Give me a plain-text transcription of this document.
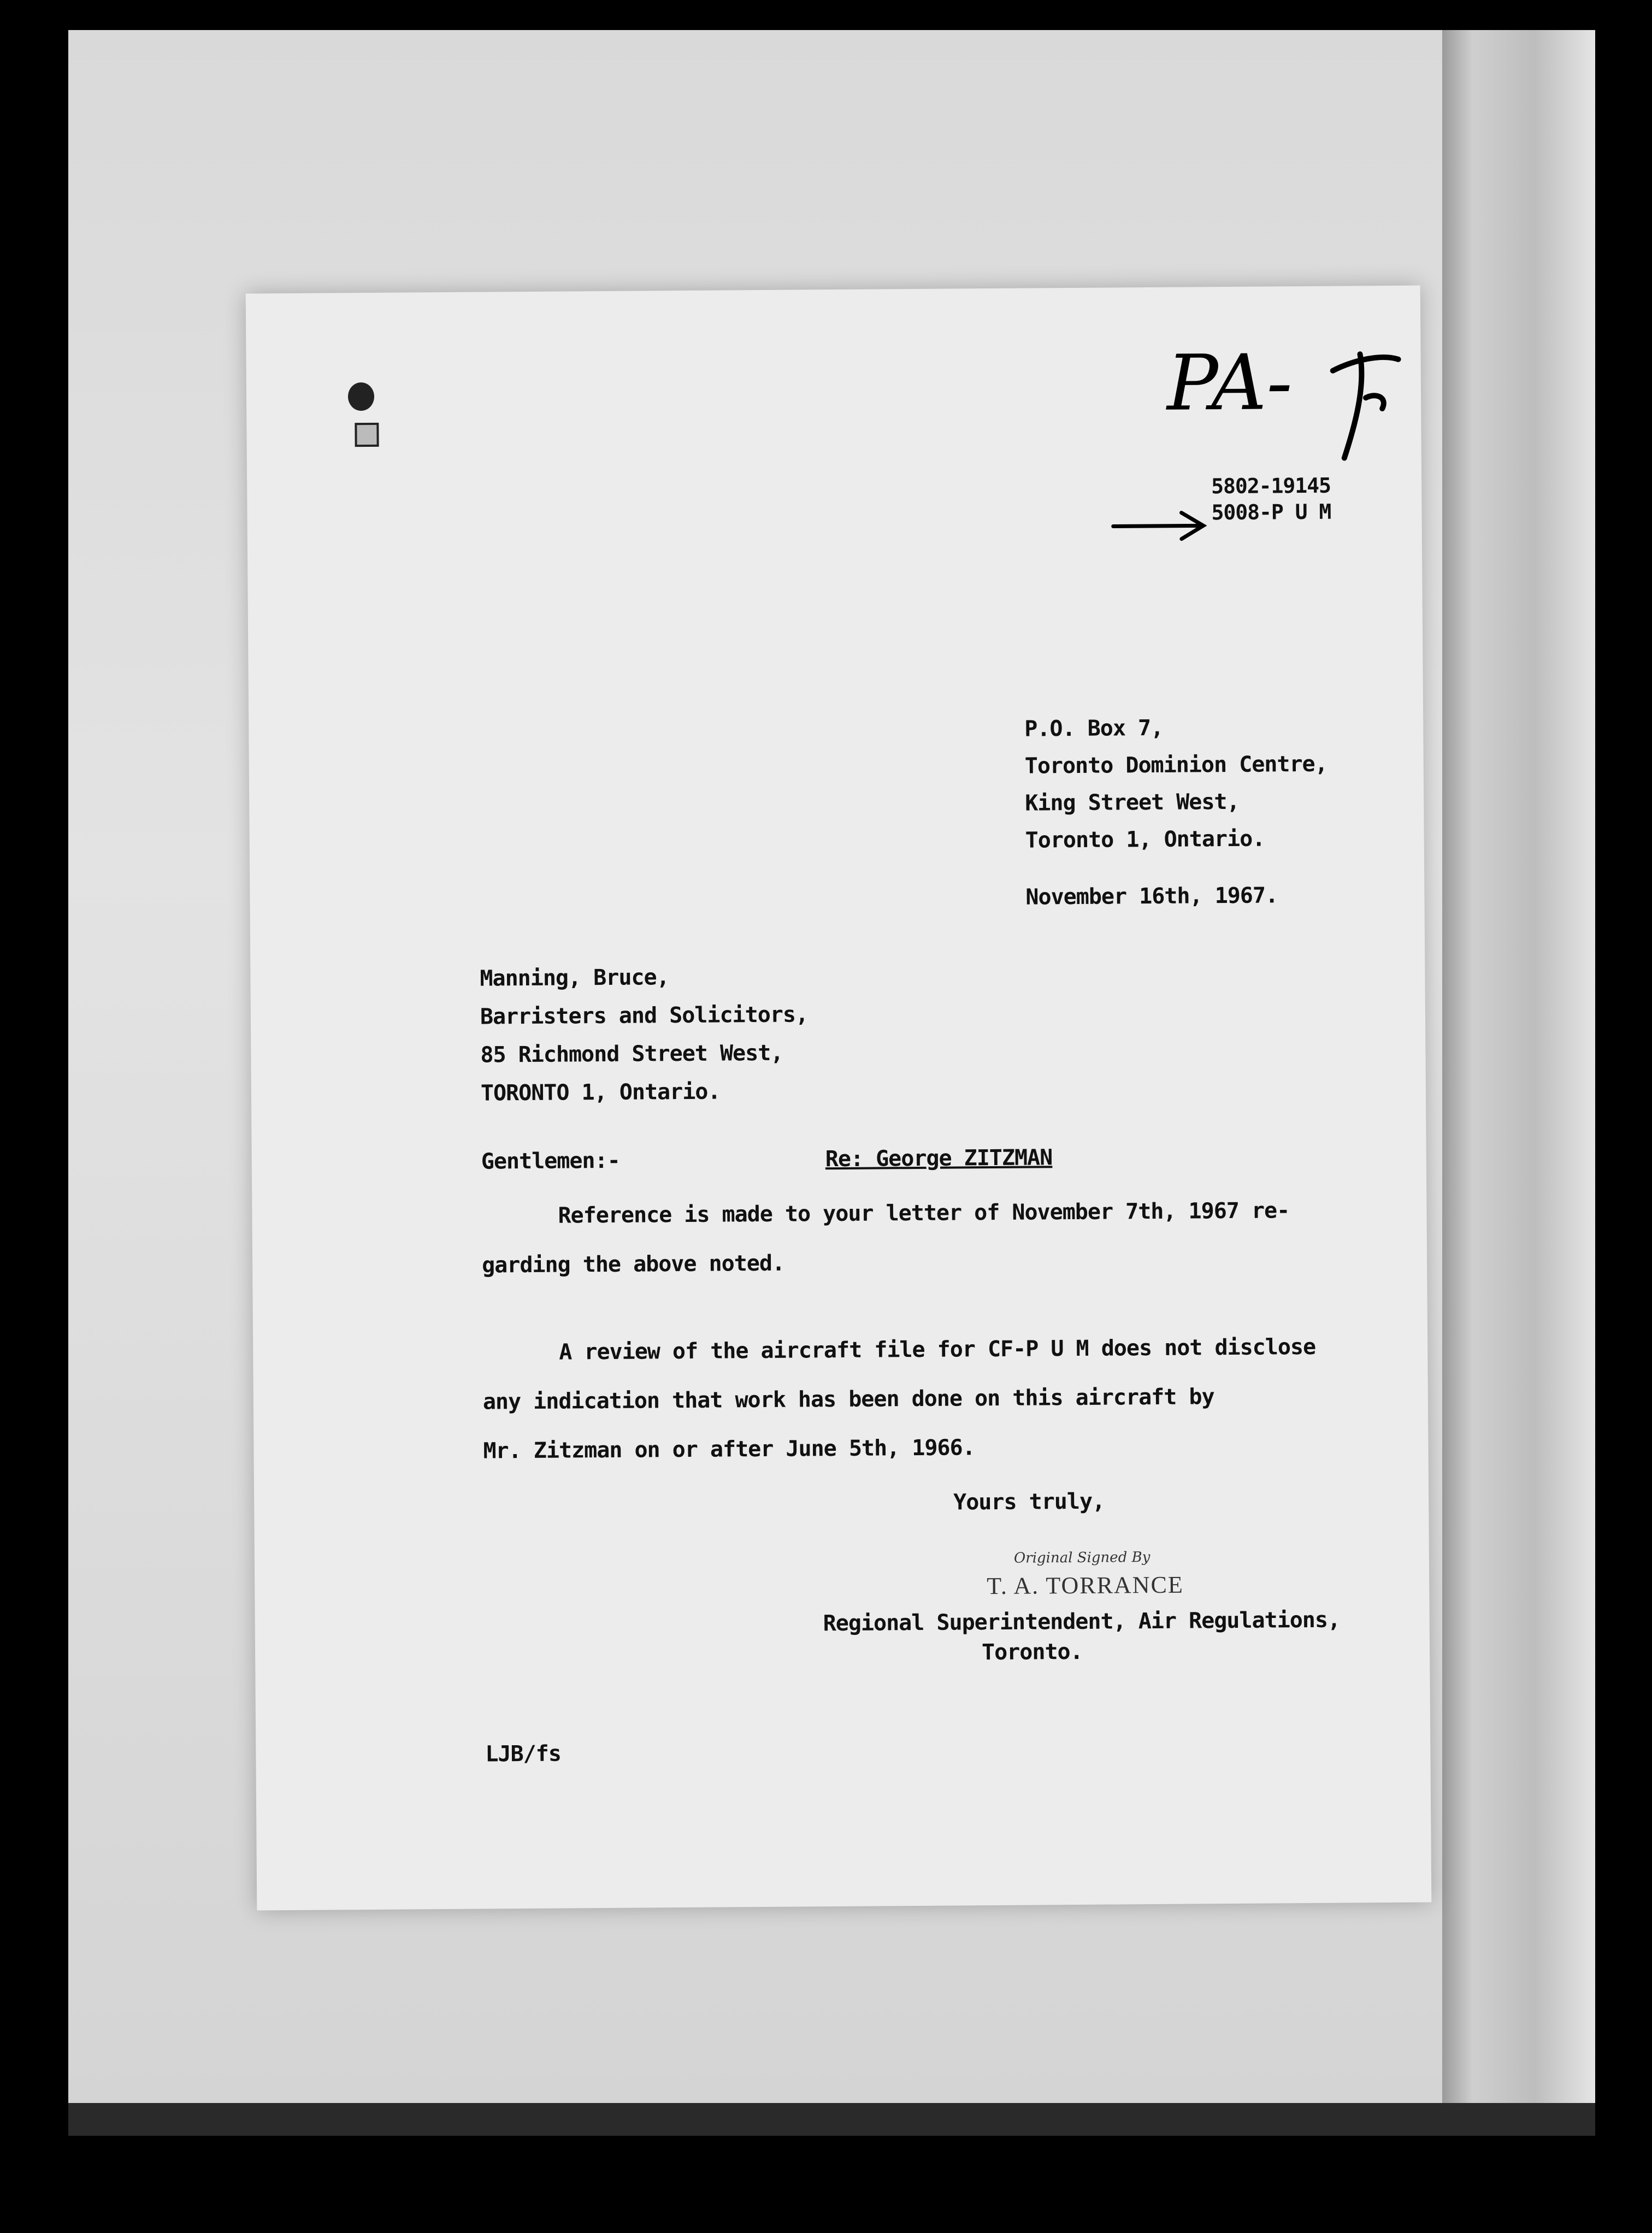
PA-
5802-19145
5008-P U M
P.O. Box 7,
Toronto Dominion Centre,
King Street West,
Toronto 1, Ontario.
November 16th, 1967.
Manning, Bruce,
Barristers and Solicitors,
85 Richmond Street West,
TORONTO 1, Ontario.
Gentlemen:-	Re: George ZITZMAN
Reference is made to your letter of November 7th, 1967 re-
garding the above noted.
A review of the aircraft file for CF-P U M does not disclose
any indication that work has been done on this aircraft by
Mr. Zitzman on or after June 5th, 1966.
Yours truly,
Original Signed By
T. A. TORRANCE
Regional Superintendent, Air Regulations,
Toronto.
LJB/fs
